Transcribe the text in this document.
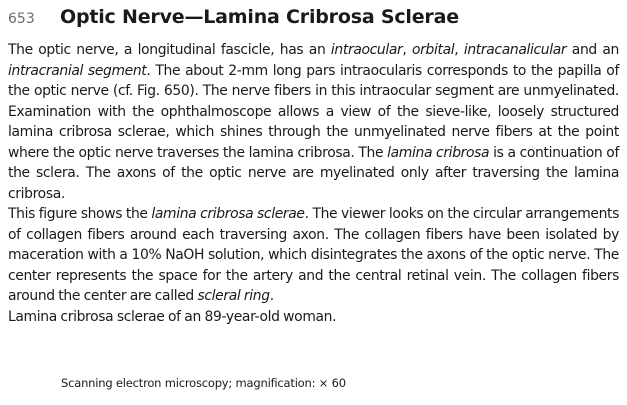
653	Optic Nerve—Lamina Cribrosa Sclerae

The optic nerve, a longitudinal fascicle, has an intraocular, orbital, intracanalicular and an intracranial segment. The about 2-mm long pars intraocularis corresponds to the papilla of the optic nerve (cf. Fig. 650). The nerve fibers in this intraocular segment are unmyelinated. Examination with the ophthalmoscope allows a view of the sieve-like, loosely structured lamina cribrosa sclerae, which shines through the unmyelinated nerve fibers at the point where the optic nerve traverses the lamina cribrosa. The lamina cribrosa is a continuation of the sclera. The axons of the optic nerve are myelinated only after traversing the lamina cribrosa.

This figure shows the lamina cribrosa sclerae. The viewer looks on the circular arrangements of collagen fibers around each traversing axon. The collagen fibers have been isolated by maceration with a 10% NaOH solution, which disintegrates the axons of the optic nerve. The center represents the space for the artery and the central retinal vein. The collagen fibers around the center are called scleral ring.

Lamina cribrosa sclerae of an 89-year-old woman.

Scanning electron microscopy; magnification: × 60
